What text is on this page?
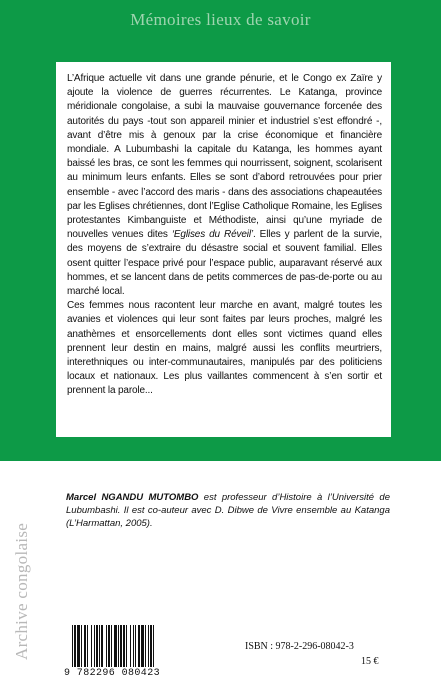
Mémoires lieux de savoir

L’Afrique actuelle vit dans une grande pénurie, et le Congo ex Zaïre y ajoute la violence de guerres récurrentes. Le Katanga, province méridionale congolaise, a subi la mauvaise gouvernance forcenée des autorités du pays -tout son appareil minier et industriel s’est effondré -, avant d’être mis à genoux par la crise économique et financière mondiale. A Lubumbashi la capitale du Katanga, les hommes ayant baissé les bras, ce sont les femmes qui nourrissent, soignent, scolarisent au minimum leurs enfants. Elles se sont d’abord retrouvées pour prier ensemble - avec l’accord des maris - dans des associations chapeautées par les Eglises chrétiennes, dont l’Eglise Catholique Romaine, les Eglises protestantes Kimbanguiste et Méthodiste, ainsi qu’une myriade de nouvelles venues dites ‘Eglises du Réveil’. Elles y parlent de la survie, des moyens de s’extraire du désastre social et souvent familial. Elles osent quitter l’espace privé pour l’espace public, auparavant réservé aux hommes, et se lancent dans de petits commerces de pas-de-porte ou au marché local.

Ces femmes nous racontent leur marche en avant, malgré toutes les avanies et violences qui leur sont faites par leurs proches, malgré les anathèmes et ensorcellements dont elles sont victimes quand elles prennent leur destin en mains, malgré aussi les conflits meurtriers, interethniques ou inter-communautaires, manipulés par des politiciens locaux et nationaux. Les plus vaillantes commencent à s’en sortir et prennent la parole...

Marcel NGANDU MUTOMBO est professeur d’Histoire à l’Université de Lubumbashi. Il est co-auteur avec D. Dibwe de Vivre ensemble au Katanga (L’Harmattan, 2005).
Archive congolaise
9 782296 080423
ISBN : 978-2-296-08042-3
15 €
